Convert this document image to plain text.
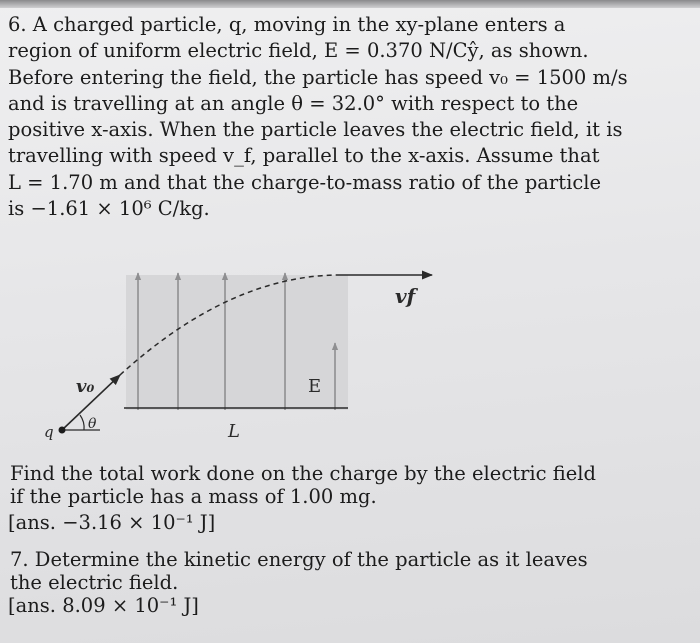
6. A charged particle, q, moving in the xy-plane enters a
region of uniform electric field, E = 0.370 N/Cŷ, as shown.
Before entering the field, the particle has speed v₀ = 1500 m/s
and is travelling at an angle θ = 32.0° with respect to the
positive x-axis. When the particle leaves the electric field, it is
travelling with speed v_f, parallel to the x-axis. Assume that
L = 1.70 m and that the charge-to-mass ratio of the particle
is −1.61 × 10⁶ C/kg.
vf
v₀	E
θ
q	L
Find the total work done on the charge by the electric field
if the particle has a mass of 1.00 mg.
[ans. −3.16 × 10⁻¹ J]
7. Determine the kinetic energy of the particle as it leaves
the electric field.
[ans. 8.09 × 10⁻¹ J]
